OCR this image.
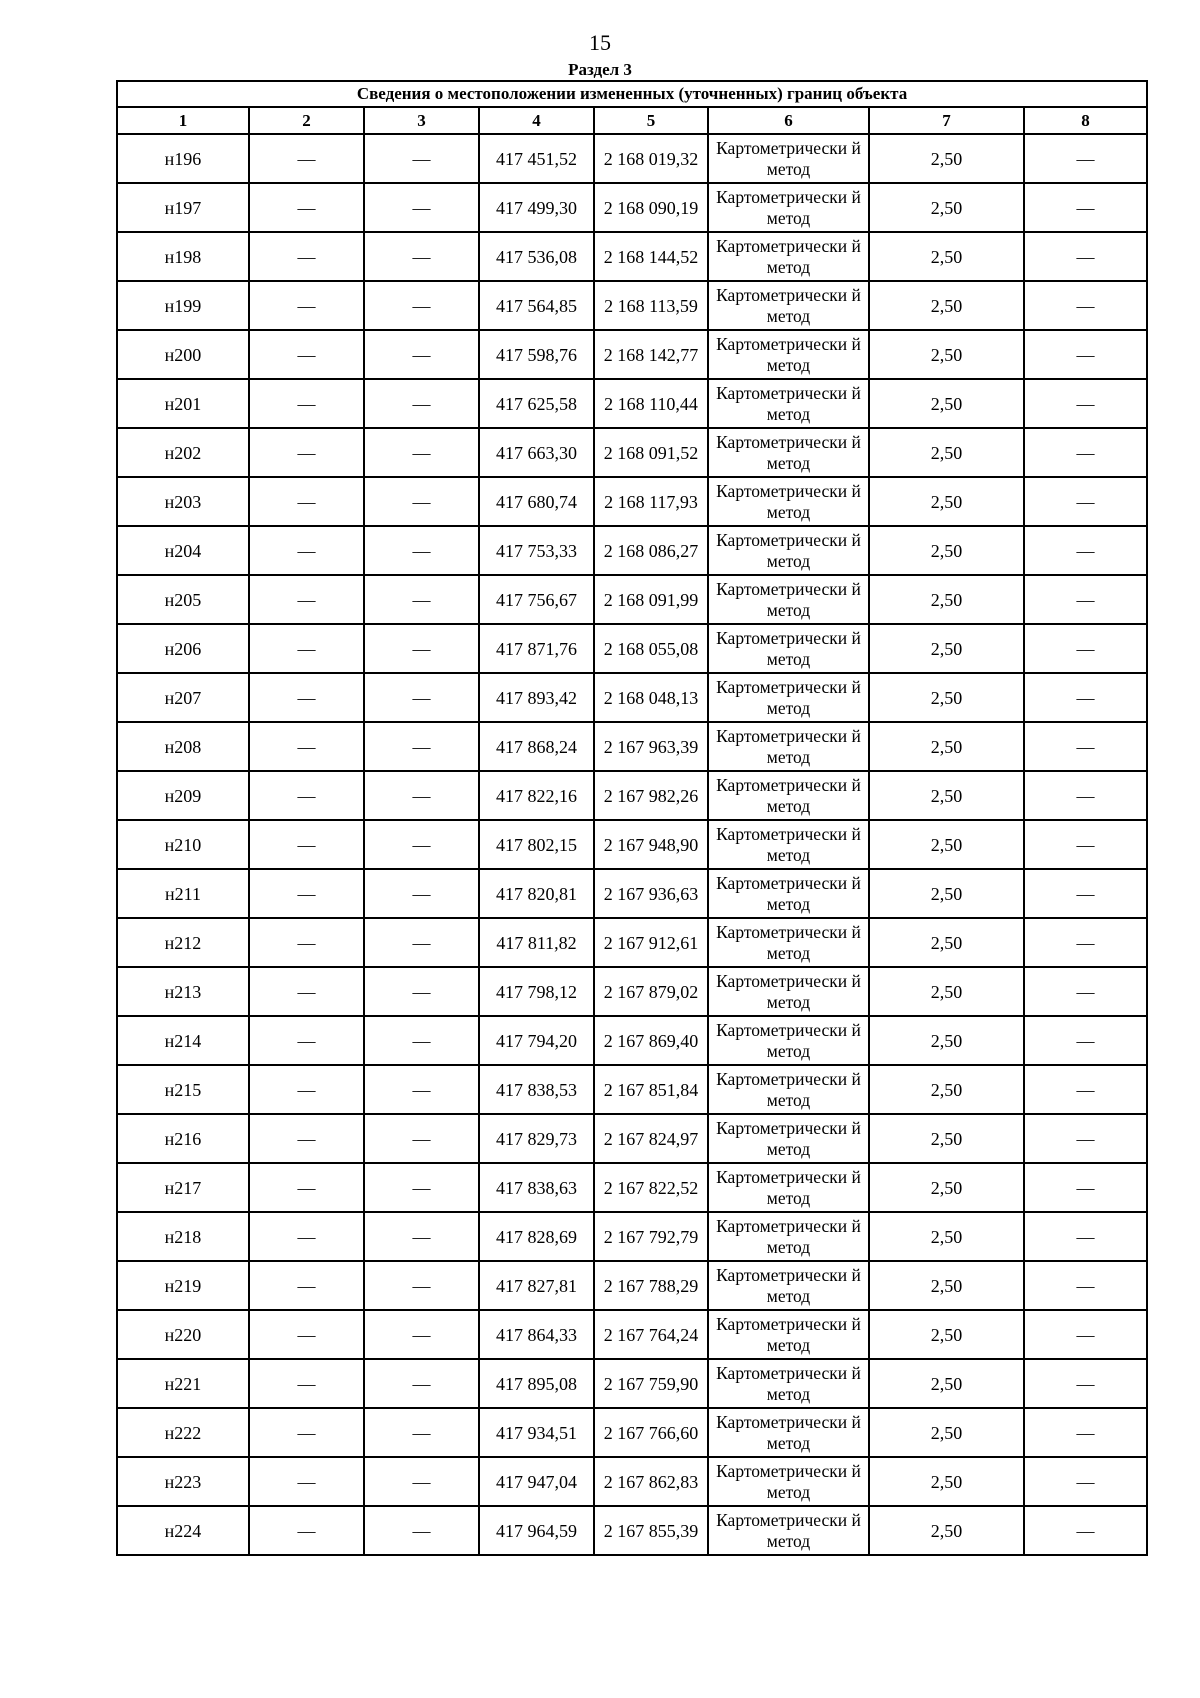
15
Раздел 3
Сведения о местоположении измененных (уточненных) границ объекта							
1	2	3	4	5	6	7	8
н196	—	—	417 451,52	2 168 019,32	Картометрически й метод	2,50	—
н197	—	—	417 499,30	2 168 090,19	Картометрически й метод	2,50	—
н198	—	—	417 536,08	2 168 144,52	Картометрически й метод	2,50	—
н199	—	—	417 564,85	2 168 113,59	Картометрически й метод	2,50	—
н200	—	—	417 598,76	2 168 142,77	Картометрически й метод	2,50	—
н201	—	—	417 625,58	2 168 110,44	Картометрически й метод	2,50	—
н202	—	—	417 663,30	2 168 091,52	Картометрически й метод	2,50	—
н203	—	—	417 680,74	2 168 117,93	Картометрически й метод	2,50	—
н204	—	—	417 753,33	2 168 086,27	Картометрически й метод	2,50	—
н205	—	—	417 756,67	2 168 091,99	Картометрически й метод	2,50	—
н206	—	—	417 871,76	2 168 055,08	Картометрически й метод	2,50	—
н207	—	—	417 893,42	2 168 048,13	Картометрически й метод	2,50	—
н208	—	—	417 868,24	2 167 963,39	Картометрически й метод	2,50	—
н209	—	—	417 822,16	2 167 982,26	Картометрически й метод	2,50	—
н210	—	—	417 802,15	2 167 948,90	Картометрически й метод	2,50	—
н211	—	—	417 820,81	2 167 936,63	Картометрически й метод	2,50	—
н212	—	—	417 811,82	2 167 912,61	Картометрически й метод	2,50	—
н213	—	—	417 798,12	2 167 879,02	Картометрически й метод	2,50	—
н214	—	—	417 794,20	2 167 869,40	Картометрически й метод	2,50	—
н215	—	—	417 838,53	2 167 851,84	Картометрически й метод	2,50	—
н216	—	—	417 829,73	2 167 824,97	Картометрически й метод	2,50	—
н217	—	—	417 838,63	2 167 822,52	Картометрически й метод	2,50	—
н218	—	—	417 828,69	2 167 792,79	Картометрически й метод	2,50	—
н219	—	—	417 827,81	2 167 788,29	Картометрически й метод	2,50	—
н220	—	—	417 864,33	2 167 764,24	Картометрически й метод	2,50	—
н221	—	—	417 895,08	2 167 759,90	Картометрически й метод	2,50	—
н222	—	—	417 934,51	2 167 766,60	Картометрически й метод	2,50	—
н223	—	—	417 947,04	2 167 862,83	Картометрически й метод	2,50	—
н224	—	—	417 964,59	2 167 855,39	Картометрически й метод	2,50	—
